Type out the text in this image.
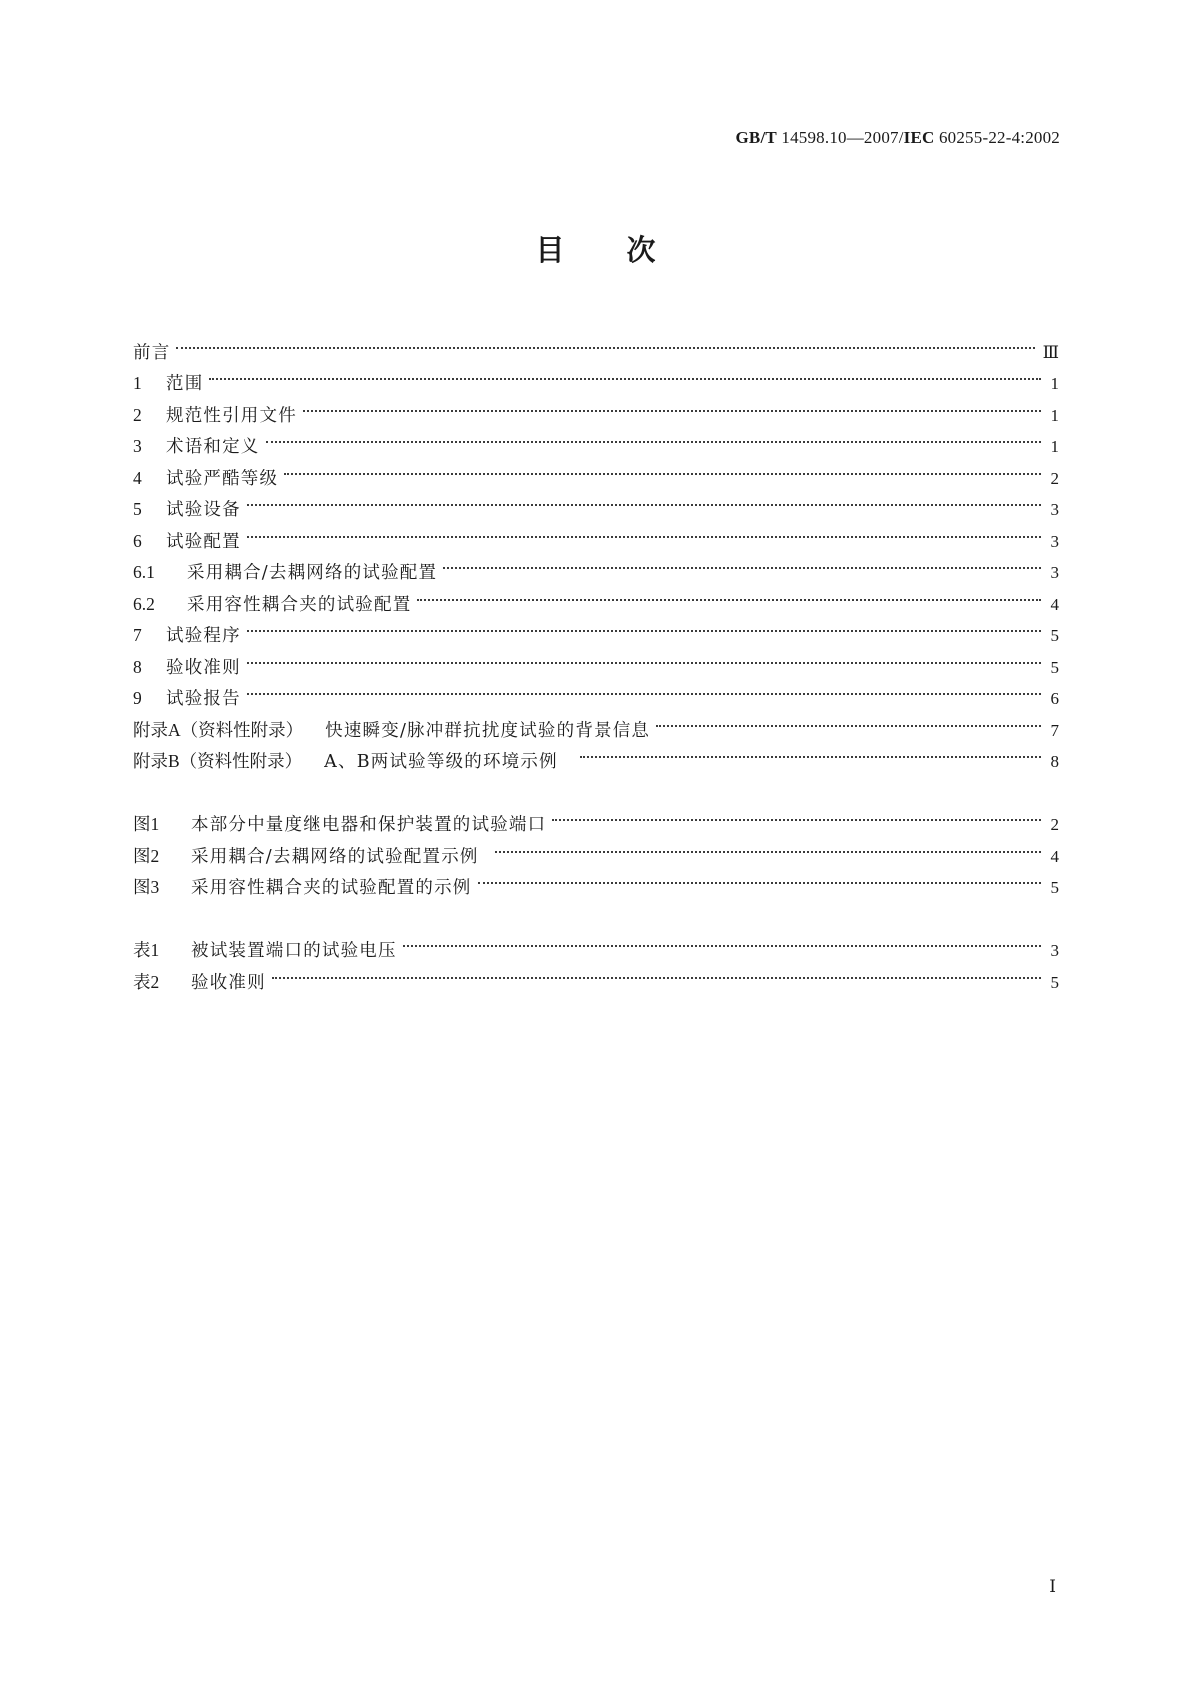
GB/T 14598.10—2007/IEC 60255-22-4:2002
目次
前言	Ⅲ
1	范围	1
2	规范性引用文件	1
3	术语和定义	1
4	试验严酷等级	2
5	试验设备	3
6	试验配置	3
6.1	采用耦合/去耦网络的试验配置	3
6.2	采用容性耦合夹的试验配置	4
7	试验程序	5
8	验收准则	5
9	试验报告	6
附录A（资料性附录） 快速瞬变/脉冲群抗扰度试验的背景信息	7
附录B（资料性附录） A、B两试验等级的环境示例	8
图1	本部分中量度继电器和保护装置的试验端口	2
图2	采用耦合/去耦网络的试验配置示例	4
图3	采用容性耦合夹的试验配置的示例	5
表1	被试装置端口的试验电压	3
表2	验收准则	5
Ⅰ
